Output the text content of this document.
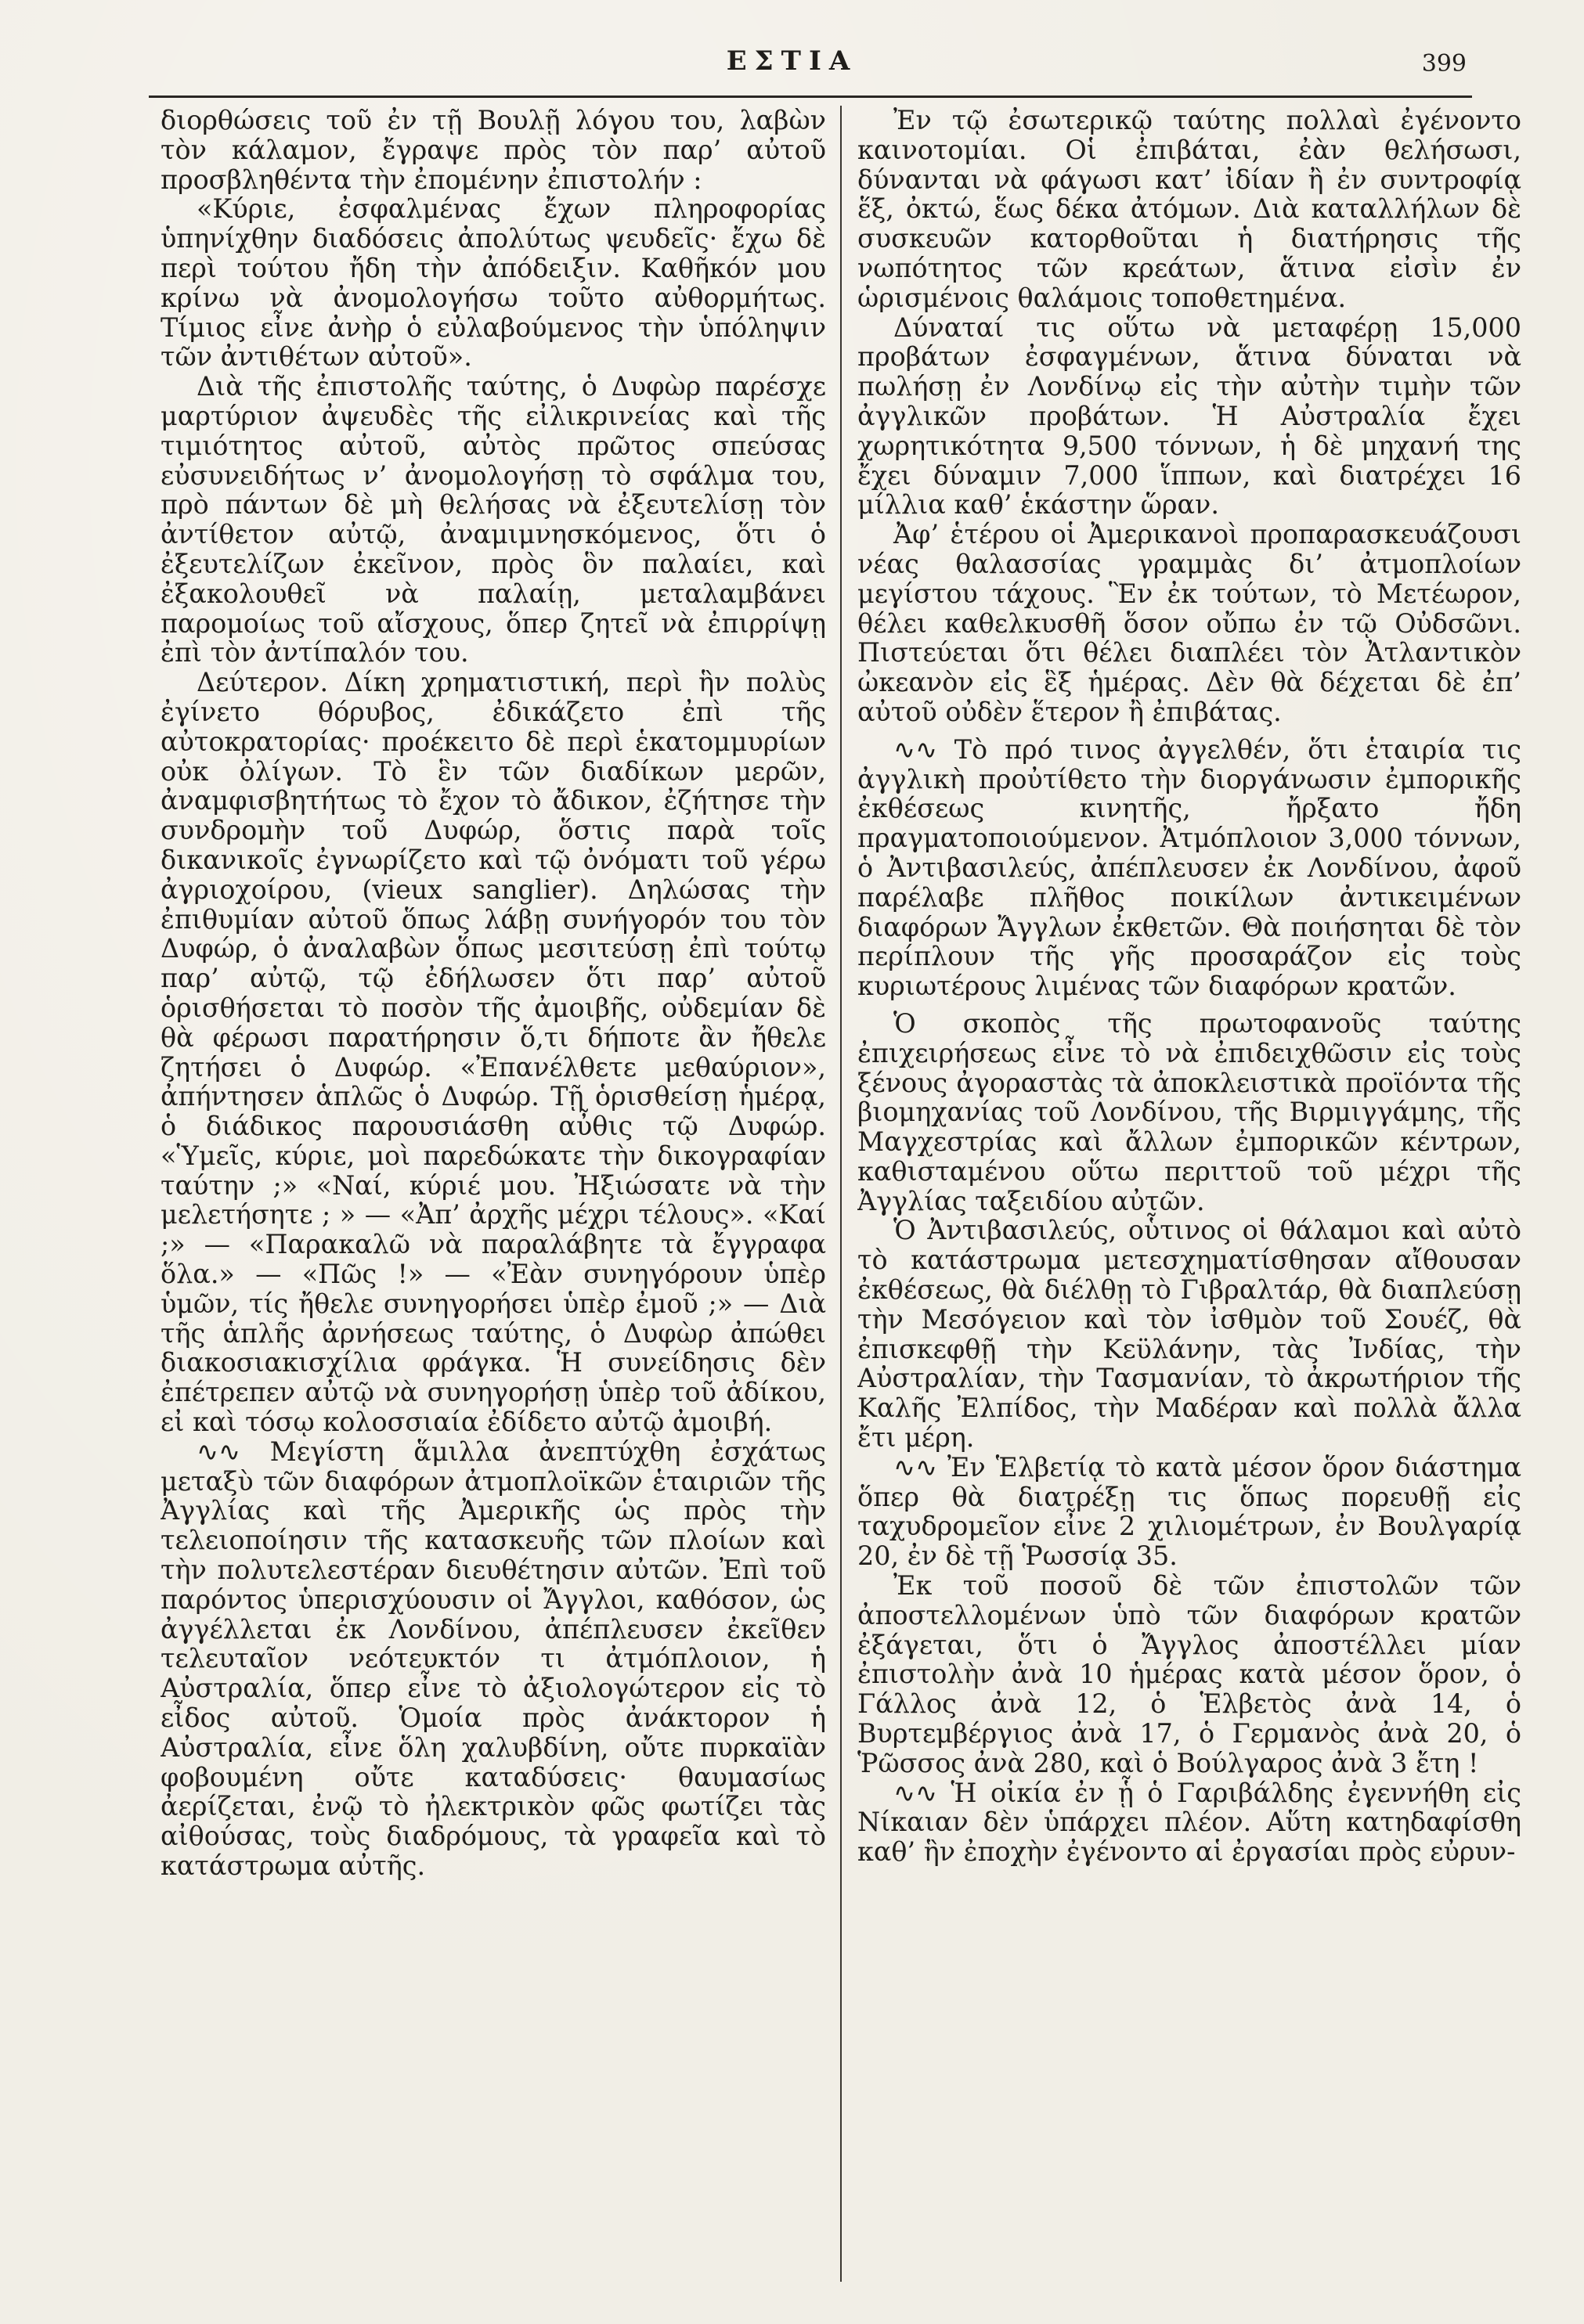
ΕΣΤΙΑ	399

διορθώσεις τοῦ ἐν τῇ Βουλῇ λόγου του, λαβὼν τὸν κάλαμον, ἔγραψε πρὸς τὸν παρ’ αὐτοῦ προσβληθέντα τὴν ἐπομένην ἐπιστολήν :

«Κύριε, ἐσφαλμένας ἔχων πληροφορίας ὑπηνίχθην διαδόσεις ἀπολύτως ψευδεῖς· ἔχω δὲ περὶ τούτου ἤδη τὴν ἀπόδειξιν. Καθῆκόν μου κρίνω νὰ ἀνομολογήσω τοῦτο αὐθορμήτως. Τίμιος εἶνε ἀνὴρ ὁ εὐλαβούμενος τὴν ὑπόληψιν τῶν ἀντιθέτων αὐτοῦ».

Διὰ τῆς ἐπιστολῆς ταύτης, ὁ Δυφὼρ παρέσχε μαρτύριον ἀψευδὲς τῆς εἰλικρινείας καὶ τῆς τιμιότητος αὐτοῦ, αὐτὸς πρῶτος σπεύσας εὐσυνειδήτως ν’ ἀνομολογήσῃ τὸ σφάλμα του, πρὸ πάντων δὲ μὴ θελήσας νὰ ἐξευτελίσῃ τὸν ἀντίθετον αὐτῷ, ἀναμιμνησκόμενος, ὅτι ὁ ἐξευτελίζων ἐκεῖνον, πρὸς ὃν παλαίει, καὶ ἐξακολουθεῖ νὰ παλαίῃ, μεταλαμβάνει παρομοίως τοῦ αἴσχους, ὅπερ ζητεῖ νὰ ἐπιρρίψῃ ἐπὶ τὸν ἀντίπαλόν του.

Δεύτερον. Δίκη χρηματιστική, περὶ ἣν πολὺς ἐγίνετο θόρυβος, ἐδικάζετο ἐπὶ τῆς αὐτοκρατορίας· προέκειτο δὲ περὶ ἑκατομμυρίων οὐκ ὀλίγων. Τὸ ἓν τῶν διαδίκων μερῶν, ἀναμφισβητήτως τὸ ἔχον τὸ ἄδικον, ἐζήτησε τὴν συνδρομὴν τοῦ Δυφώρ, ὅστις παρὰ τοῖς δικανικοῖς ἐγνωρίζετο καὶ τῷ ὀνόματι τοῦ γέρω ἀγριοχοίρου, (vieux sanglier). Δηλώσας τὴν ἐπιθυμίαν αὐτοῦ ὅπως λάβῃ συνήγορόν του τὸν Δυφώρ, ὁ ἀναλαβὼν ὅπως μεσιτεύσῃ ἐπὶ τούτῳ παρ’ αὐτῷ, τῷ ἐδήλωσεν ὅτι παρ’ αὐτοῦ ὁρισθήσεται τὸ ποσὸν τῆς ἀμοιβῆς, οὐδεμίαν δὲ θὰ φέρωσι παρατήρησιν ὅ,τι δήποτε ἂν ἤθελε ζητήσει ὁ Δυφώρ. «Ἐπανέλθετε μεθαύριον», ἀπήντησεν ἁπλῶς ὁ Δυφώρ. Τῇ ὁρισθείσῃ ἡμέρᾳ, ὁ διάδικος παρουσιάσθη αὖθις τῷ Δυφώρ. «Ὑμεῖς, κύριε, μοὶ παρεδώκατε τὴν δικογραφίαν ταύτην ;» «Ναί, κύριέ μου. Ἠξιώσατε νὰ τὴν μελετήσητε ; » — «Ἀπ’ ἀρχῆς μέχρι τέλους». «Καί ;» — «Παρακαλῶ νὰ παραλάβητε τὰ ἔγγραφα ὅλα.» — «Πῶς !» — «Ἐὰν συνηγόρουν ὑπὲρ ὑμῶν, τίς ἤθελε συνηγορήσει ὑπὲρ ἐμοῦ ;» — Διὰ τῆς ἁπλῆς ἀρνήσεως ταύτης, ὁ Δυφὼρ ἀπώθει διακοσιακισχίλια φράγκα. Ἡ συνείδησις δὲν ἐπέτρεπεν αὐτῷ νὰ συνηγορήσῃ ὑπὲρ τοῦ ἀδίκου, εἰ καὶ τόσῳ κολοσσιαία ἐδίδετο αὐτῷ ἀμοιβή.

∿∿ Μεγίστη ἅμιλλα ἀνεπτύχθη ἐσχάτως μεταξὺ τῶν διαφόρων ἀτμοπλοϊκῶν ἑταιριῶν τῆς Ἀγγλίας καὶ τῆς Ἀμερικῆς ὡς πρὸς τὴν τελειοποίησιν τῆς κατασκευῆς τῶν πλοίων καὶ τὴν πολυτελεστέραν διευθέτησιν αὐτῶν. Ἐπὶ τοῦ παρόντος ὑπερισχύουσιν οἱ Ἄγγλοι, καθόσον, ὡς ἀγγέλλεται ἐκ Λονδίνου, ἀπέπλευσεν ἐκεῖθεν τελευταῖον νεότευκτόν τι ἀτμόπλοιον, ἡ Αὐστραλία, ὅπερ εἶνε τὸ ἀξιολογώτερον εἰς τὸ εἶδος αὐτοῦ. Ὁμοία πρὸς ἀνάκτορον ἡ Αὐστραλία, εἶνε ὅλη χαλυβδίνη, οὔτε πυρκαϊὰν φοβουμένη οὔτε καταδύσεις· θαυμασίως ἀερίζεται, ἐνῷ τὸ ἠλεκτρικὸν φῶς φωτίζει τὰς αἰθούσας, τοὺς διαδρόμους, τὰ γραφεῖα καὶ τὸ κατάστρωμα αὐτῆς.

Ἐν τῷ ἐσωτερικῷ ταύτης πολλαὶ ἐγένοντο καινοτομίαι. Οἱ ἐπιβάται, ἐὰν θελήσωσι, δύνανται νὰ φάγωσι κατ’ ἰδίαν ἢ ἐν συντροφίᾳ ἕξ, ὀκτώ, ἕως δέκα ἀτόμων. Διὰ καταλλήλων δὲ συσκευῶν κατορθοῦται ἡ διατήρησις τῆς νωπότητος τῶν κρεάτων, ἅτινα εἰσὶν ἐν ὡρισμένοις θαλάμοις τοποθετημένα.

Δύναταί τις οὕτω νὰ μεταφέρῃ 15,000 προβάτων ἐσφαγμένων, ἅτινα δύναται νὰ πωλήσῃ ἐν Λονδίνῳ εἰς τὴν αὐτὴν τιμὴν τῶν ἀγγλικῶν προβάτων. Ἡ Αὐστραλία ἔχει χωρητικότητα 9,500 τόννων, ἡ δὲ μηχανή της ἔχει δύναμιν 7,000 ἵππων, καὶ διατρέχει 16 μίλλια καθ’ ἑκάστην ὥραν.

Ἀφ’ ἑτέρου οἱ Ἀμερικανοὶ προπαρασκευάζουσι νέας θαλασσίας γραμμὰς δι’ ἀτμοπλοίων μεγίστου τάχους. Ἓν ἐκ τούτων, τὸ Μετέωρον, θέλει καθελκυσθῆ ὅσον οὔπω ἐν τῷ Οὐδσῶνι. Πιστεύεται ὅτι θέλει διαπλέει τὸν Ἀτλαντικὸν ὠκεανὸν εἰς ἓξ ἡμέρας. Δὲν θὰ δέχεται δὲ ἐπ’ αὐτοῦ οὐδὲν ἕτερον ἢ ἐπιβάτας.

∿∿ Τὸ πρό τινος ἀγγελθέν, ὅτι ἑταιρία τις ἀγγλικὴ προὐτίθετο τὴν διοργάνωσιν ἐμπορικῆς ἐκθέσεως κινητῆς, ἤρξατο ἤδη πραγματοποιούμενον. Ἀτμόπλοιον 3,000 τόννων, ὁ Ἀντιβασιλεύς, ἀπέπλευσεν ἐκ Λονδίνου, ἀφοῦ παρέλαβε πλῆθος ποικίλων ἀντικειμένων διαφόρων Ἄγγλων ἐκθετῶν. Θὰ ποιήσηται δὲ τὸν περίπλουν τῆς γῆς προσαράζον εἰς τοὺς κυριωτέρους λιμένας τῶν διαφόρων κρατῶν.

Ὁ σκοπὸς τῆς πρωτοφανοῦς ταύτης ἐπιχειρήσεως εἶνε τὸ νὰ ἐπιδειχθῶσιν εἰς τοὺς ξένους ἀγοραστὰς τὰ ἀποκλειστικὰ προϊόντα τῆς βιομηχανίας τοῦ Λονδίνου, τῆς Βιρμιγγάμης, τῆς Μαγχεστρίας καὶ ἄλλων ἐμπορικῶν κέντρων, καθισταμένου οὕτω περιττοῦ τοῦ μέχρι τῆς Ἀγγλίας ταξειδίου αὐτῶν.

Ὁ Ἀντιβασιλεύς, οὗτινος οἱ θάλαμοι καὶ αὐτὸ τὸ κατάστρωμα μετεσχηματίσθησαν αἴθουσαν ἐκθέσεως, θὰ διέλθῃ τὸ Γιβραλτάρ, θὰ διαπλεύσῃ τὴν Μεσόγειον καὶ τὸν ἰσθμὸν τοῦ Σουέζ, θὰ ἐπισκεφθῇ τὴν Κεϋλάνην, τὰς Ἰνδίας, τὴν Αὐστραλίαν, τὴν Τασμανίαν, τὸ ἀκρωτήριον τῆς Καλῆς Ἐλπίδος, τὴν Μαδέραν καὶ πολλὰ ἄλλα ἔτι μέρη.

∿∿ Ἐν Ἑλβετίᾳ τὸ κατὰ μέσον ὅρον διάστημα ὅπερ θὰ διατρέξῃ τις ὅπως πορευθῇ εἰς ταχυδρομεῖον εἶνε 2 χιλιομέτρων, ἐν Βουλγαρίᾳ 20, ἐν δὲ τῇ Ῥωσσίᾳ 35.

Ἐκ τοῦ ποσοῦ δὲ τῶν ἐπιστολῶν τῶν ἀποστελλομένων ὑπὸ τῶν διαφόρων κρατῶν ἐξάγεται, ὅτι ὁ Ἄγγλος ἀποστέλλει μίαν ἐπιστολὴν ἀνὰ 10 ἡμέρας κατὰ μέσον ὅρον, ὁ Γάλλος ἀνὰ 12, ὁ Ἑλβετὸς ἀνὰ 14, ὁ Βυρτεμβέργιος ἀνὰ 17, ὁ Γερμανὸς ἀνὰ 20, ὁ Ῥῶσσος ἀνὰ 280, καὶ ὁ Βούλγαρος ἀνὰ 3 ἔτη !

∿∿ Ἡ οἰκία ἐν ᾗ ὁ Γαριβάλδης ἐγεννήθη εἰς Νίκαιαν δὲν ὑπάρχει πλέον. Αὕτη κατηδαφίσθη καθ’ ἣν ἐποχὴν ἐγένοντο αἱ ἐργασίαι πρὸς εὐρυν-
